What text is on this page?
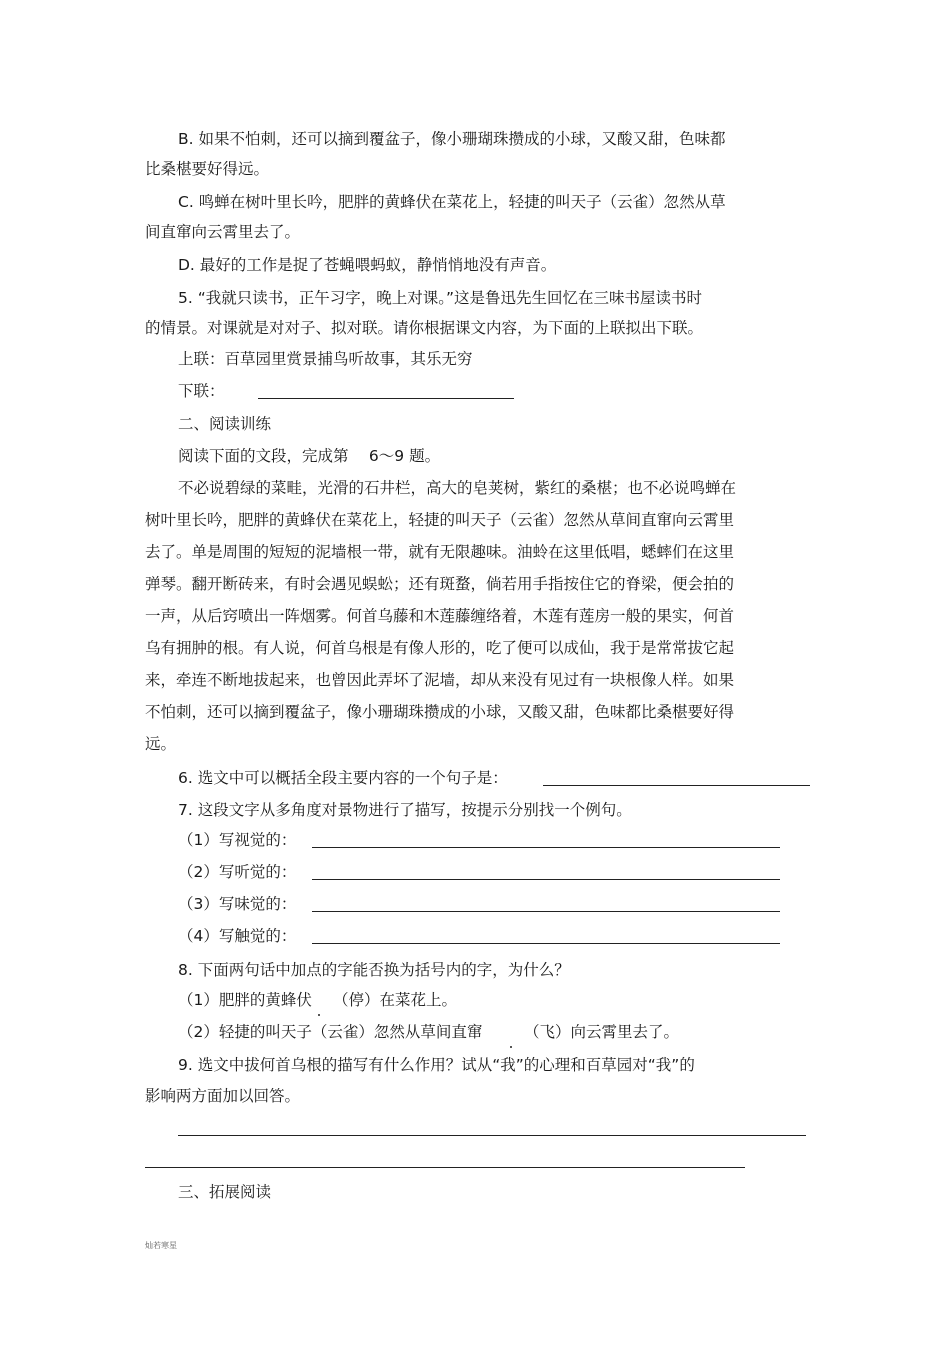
B. 如果不怕刺，还可以摘到覆盆子，像小珊瑚珠攒成的小球，又酸又甜，色味都
比桑椹要好得远。
C. 鸣蝉在树叶里长吟，肥胖的黄蜂伏在菜花上，轻捷的叫天子（云雀）忽然从草
间直窜向云霄里去了。
D. 最好的工作是捉了苍蝇喂蚂蚁，静悄悄地没有声音。
5. “我就只读书，正午习字，晚上对课。”这是鲁迅先生回忆在三味书屋读书时
的情景。对课就是对对子、拟对联。请你根据课文内容，为下面的上联拟出下联。
上联：百草园里赏景捕鸟听故事，其乐无穷
下联：
二、阅读训练
阅读下面的文段，完成第　 6～9 题。
不必说碧绿的菜畦，光滑的石井栏，高大的皂荚树，紫红的桑椹；也不必说鸣蝉在
树叶里长吟，肥胖的黄蜂伏在菜花上，轻捷的叫天子（云雀）忽然从草间直窜向云霄里
去了。单是周围的短短的泥墙根一带，就有无限趣味。油蛉在这里低唱，蟋蟀们在这里
弹琴。翻开断砖来，有时会遇见蜈蚣；还有斑蝥，倘若用手指按住它的脊梁，便会拍的
一声，从后窍喷出一阵烟雾。何首乌藤和木莲藤缠络着，木莲有莲房一般的果实，何首
乌有拥肿的根。有人说，何首乌根是有像人形的，吃了便可以成仙，我于是常常拔它起
来，牵连不断地拔起来，也曾因此弄坏了泥墙，却从来没有见过有一块根像人样。如果
不怕刺，还可以摘到覆盆子，像小珊瑚珠攒成的小球，又酸又甜，色味都比桑椹要好得
远。
6. 选文中可以概括全段主要内容的一个句子是：
7. 这段文字从多角度对景物进行了描写，按提示分别找一个例句。
（1）写视觉的：
（2）写听觉的：
（3）写味觉的：
（4）写触觉的：
8. 下面两句话中加点的字能否换为括号内的字，为什么？
（1）肥胖的黄蜂伏 （停）在菜花上。
（2）轻捷的叫天子（云雀）忽然从草间直窜	（飞）向云霄里去了。
9. 选文中拔何首乌根的描写有什么作用？试从“我”的心理和百草园对“我”的
影响两方面加以回答。
三、拓展阅读
灿若寒星
